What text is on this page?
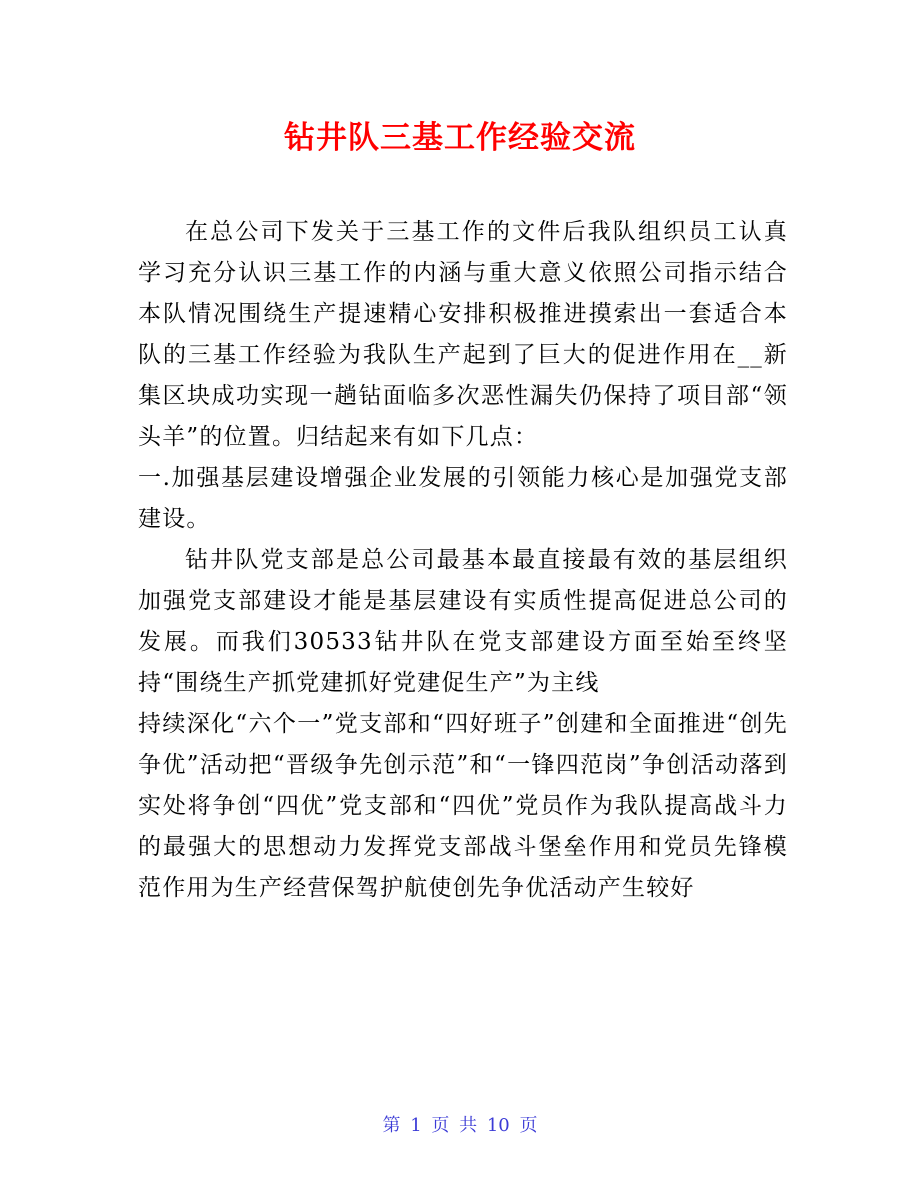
钻井队三基工作经验交流

在总公司下发关于三基工作的文件后我队组织员工认真学习充分认识三基工作的内涵与重大意义依照公司指示结合本队情况围绕生产提速精心安排积极推进摸索出一套适合本队的三基工作经验为我队生产起到了巨大的促进作用在__新集区块成功实现一趟钻面临多次恶性漏失仍保持了项目部“领头羊”的位置。归结起来有如下几点：

一.加强基层建设增强企业发展的引领能力核心是加强党支部建设。

钻井队党支部是总公司最基本最直接最有效的基层组织加强党支部建设才能是基层建设有实质性提高促进总公司的发展。而我们30533钻井队在党支部建设方面至始至终坚持“围绕生产抓党建抓好党建促生产”为主线

持续深化“六个一”党支部和“四好班子”创建和全面推进“创先争优”活动把“晋级争先创示范”和“一锋四范岗”争创活动落到实处将争创“四优”党支部和“四优”党员作为我队提高战斗力的最强大的思想动力发挥党支部战斗堡垒作用和党员先锋模范作用为生产经营保驾护航使创先争优活动产生较好

第 1 页 共 10 页
